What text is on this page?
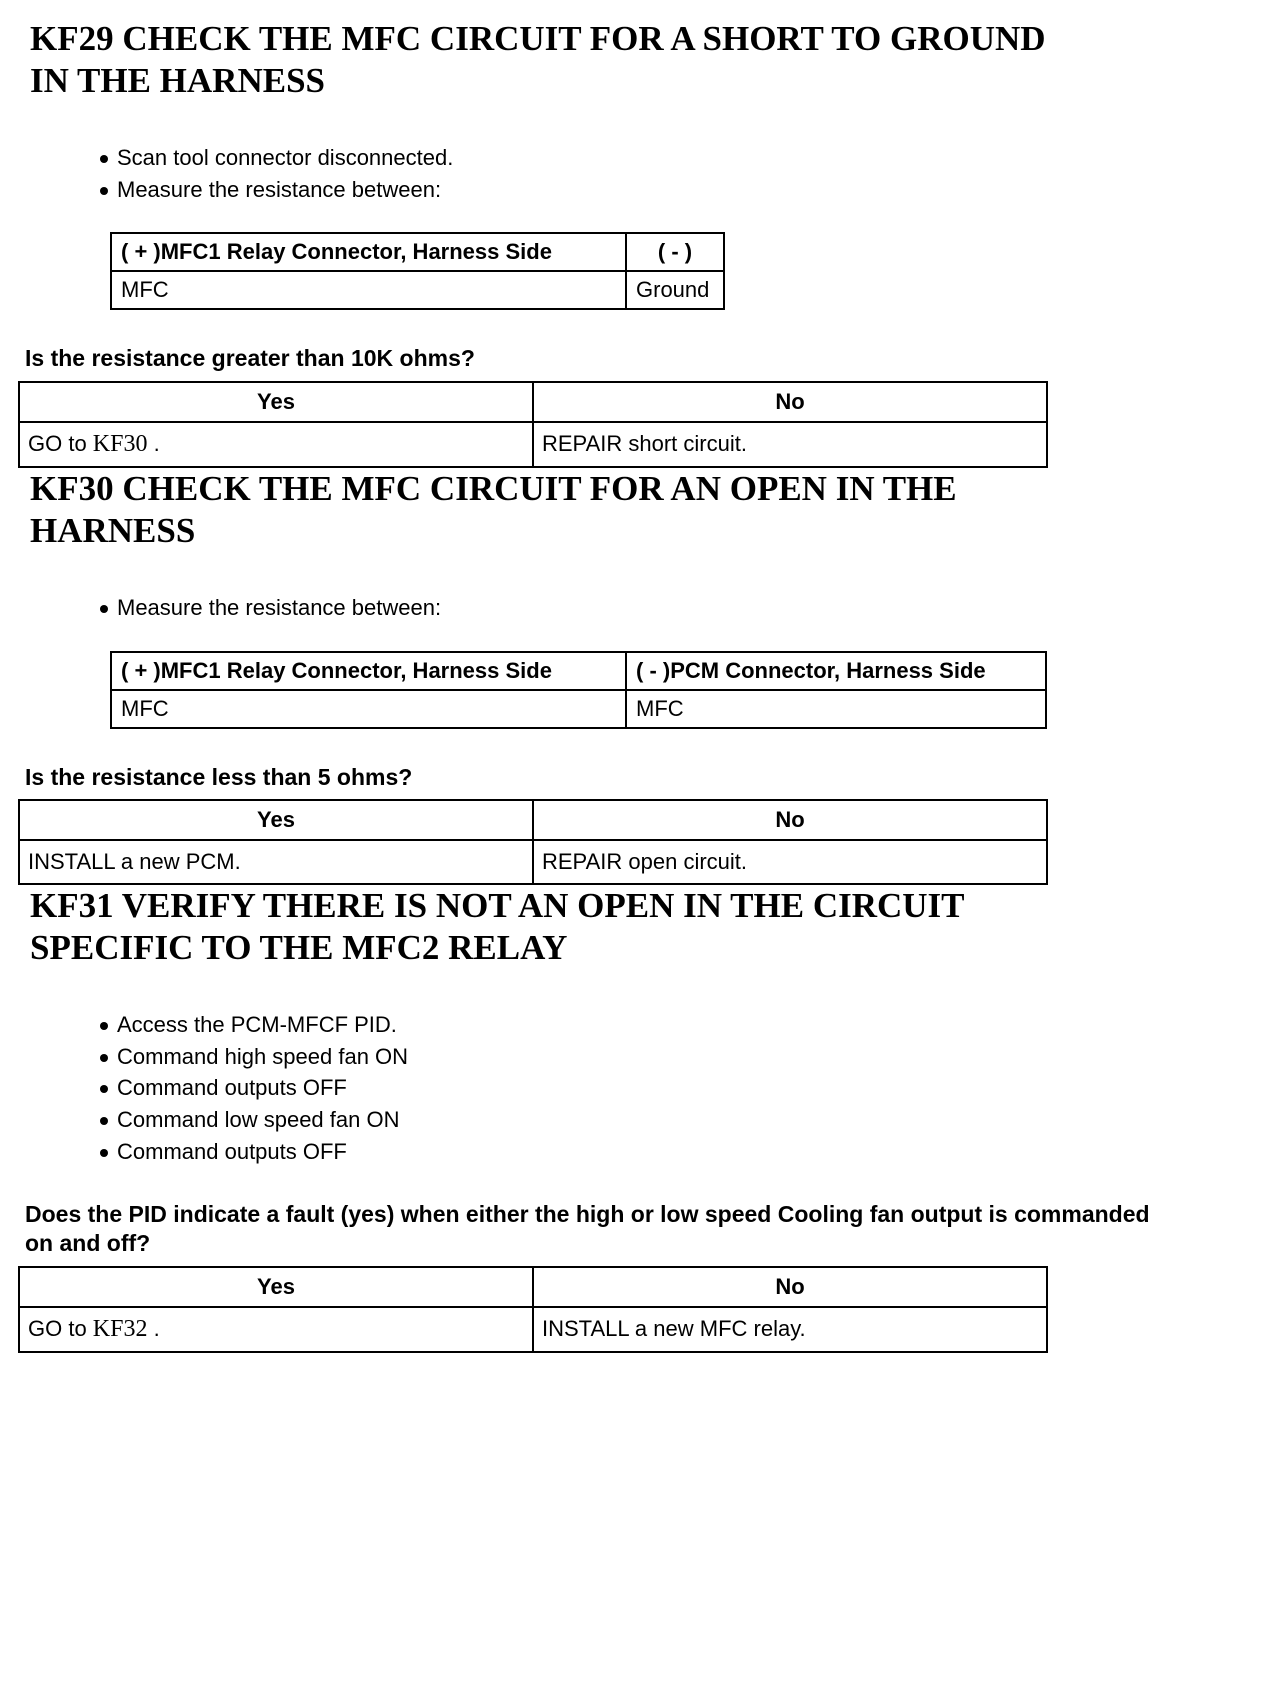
KF29 CHECK THE MFC CIRCUIT FOR A SHORT TO GROUND IN THE HARNESS
Scan tool connector disconnected.
Measure the resistance between:
( + )MFC1 Relay Connector, Harness Side	( - )
MFC	Ground
Is the resistance greater than 10K ohms?
Yes	No
GO to KF30 .	REPAIR short circuit.
KF30 CHECK THE MFC CIRCUIT FOR AN OPEN IN THE HARNESS
Measure the resistance between:
( + )MFC1 Relay Connector, Harness Side	( - )PCM Connector, Harness Side
MFC	MFC
Is the resistance less than 5 ohms?
Yes	No
INSTALL a new PCM.	REPAIR open circuit.
KF31 VERIFY THERE IS NOT AN OPEN IN THE CIRCUIT SPECIFIC TO THE MFC2 RELAY
Access the PCM-MFCF PID.
Command high speed fan ON
Command outputs OFF
Command low speed fan ON
Command outputs OFF
Does the PID indicate a fault (yes) when either the high or low speed Cooling fan output is commanded on and off?
Yes	No
GO to KF32 .	INSTALL a new MFC relay.
